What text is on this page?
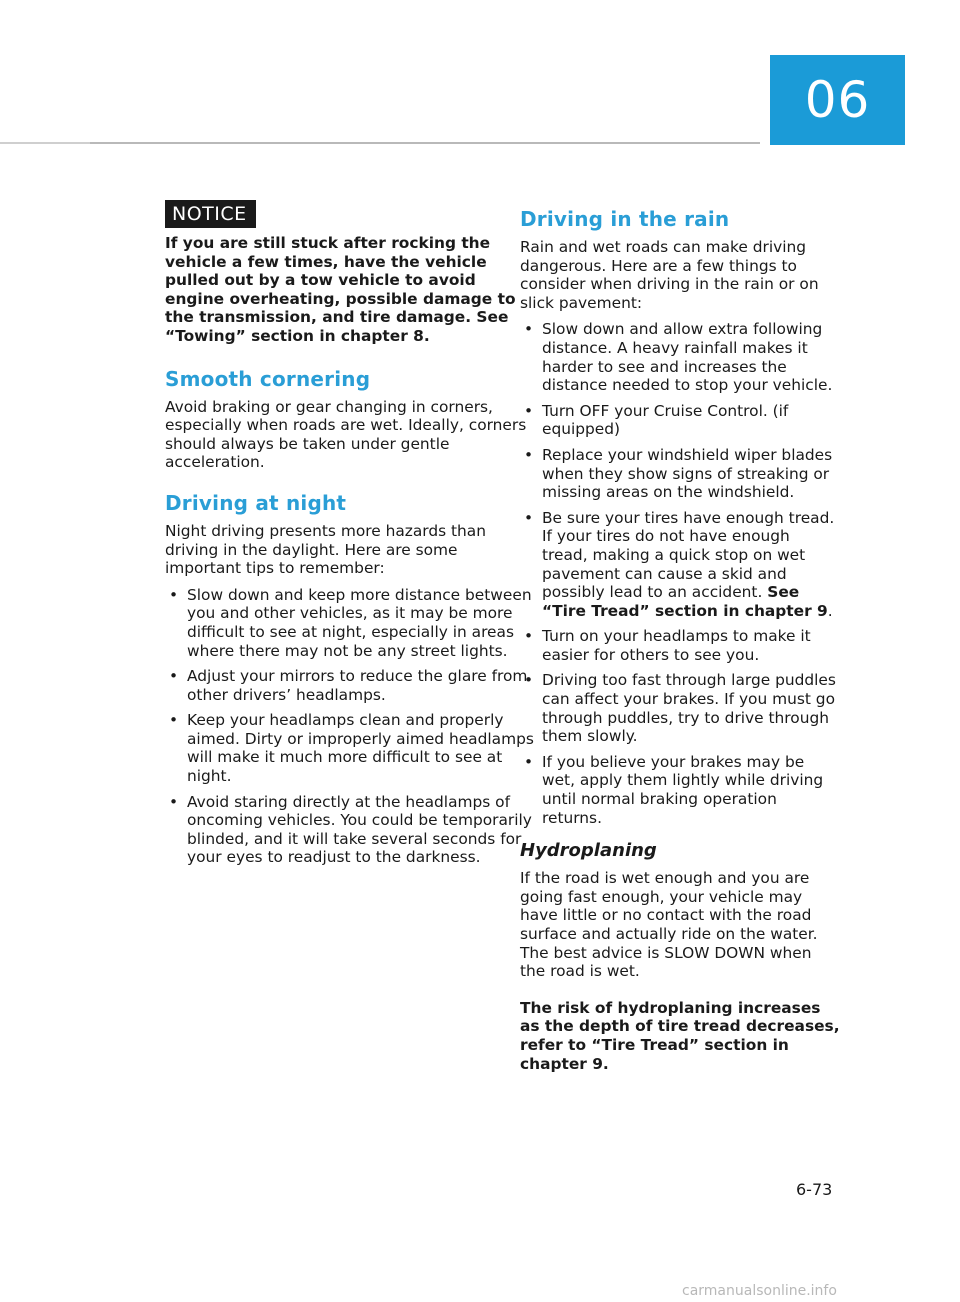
06
NOTICE

If you are still stuck after rocking the vehicle a few times, have the vehicle pulled out by a tow vehicle to avoid engine overheating, possible damage to the transmission, and tire damage. See “Towing” section in chapter 8.

Smooth cornering

Avoid braking or gear changing in corners, especially when roads are wet. Ideally, corners should always be taken under gentle acceleration.

Driving at night

Night driving presents more hazards than driving in the daylight. Here are some important tips to remember:

• Slow down and keep more distance between you and other vehicles, as it may be more difficult to see at night, especially in areas where there may not be any street lights.
• Adjust your mirrors to reduce the glare from other drivers’ headlamps.
• Keep your headlamps clean and properly aimed. Dirty or improperly aimed headlamps will make it much more difficult to see at night.
• Avoid staring directly at the headlamps of oncoming vehicles. You could be temporarily blinded, and it will take several seconds for your eyes to readjust to the darkness.
Driving in the rain

Rain and wet roads can make driving dangerous. Here are a few things to consider when driving in the rain or on slick pavement:

• Slow down and allow extra following distance. A heavy rainfall makes it harder to see and increases the distance needed to stop your vehicle.
• Turn OFF your Cruise Control. (if equipped)
• Replace your windshield wiper blades when they show signs of streaking or missing areas on the windshield.
• Be sure your tires have enough tread. If your tires do not have enough tread, making a quick stop on wet pavement can cause a skid and possibly lead to an accident. See “Tire Tread” section in chapter 9.
• Turn on your headlamps to make it easier for others to see you.
• Driving too fast through large puddles can affect your brakes. If you must go through puddles, try to drive through them slowly.
• If you believe your brakes may be wet, apply them lightly while driving until normal braking operation returns.
Hydroplaning

If the road is wet enough and you are going fast enough, your vehicle may have little or no contact with the road surface and actually ride on the water. The best advice is SLOW DOWN when the road is wet.

The risk of hydroplaning increases as the depth of tire tread decreases, refer to “Tire Tread” section in chapter 9.

6-73
carmanualsonline.info
